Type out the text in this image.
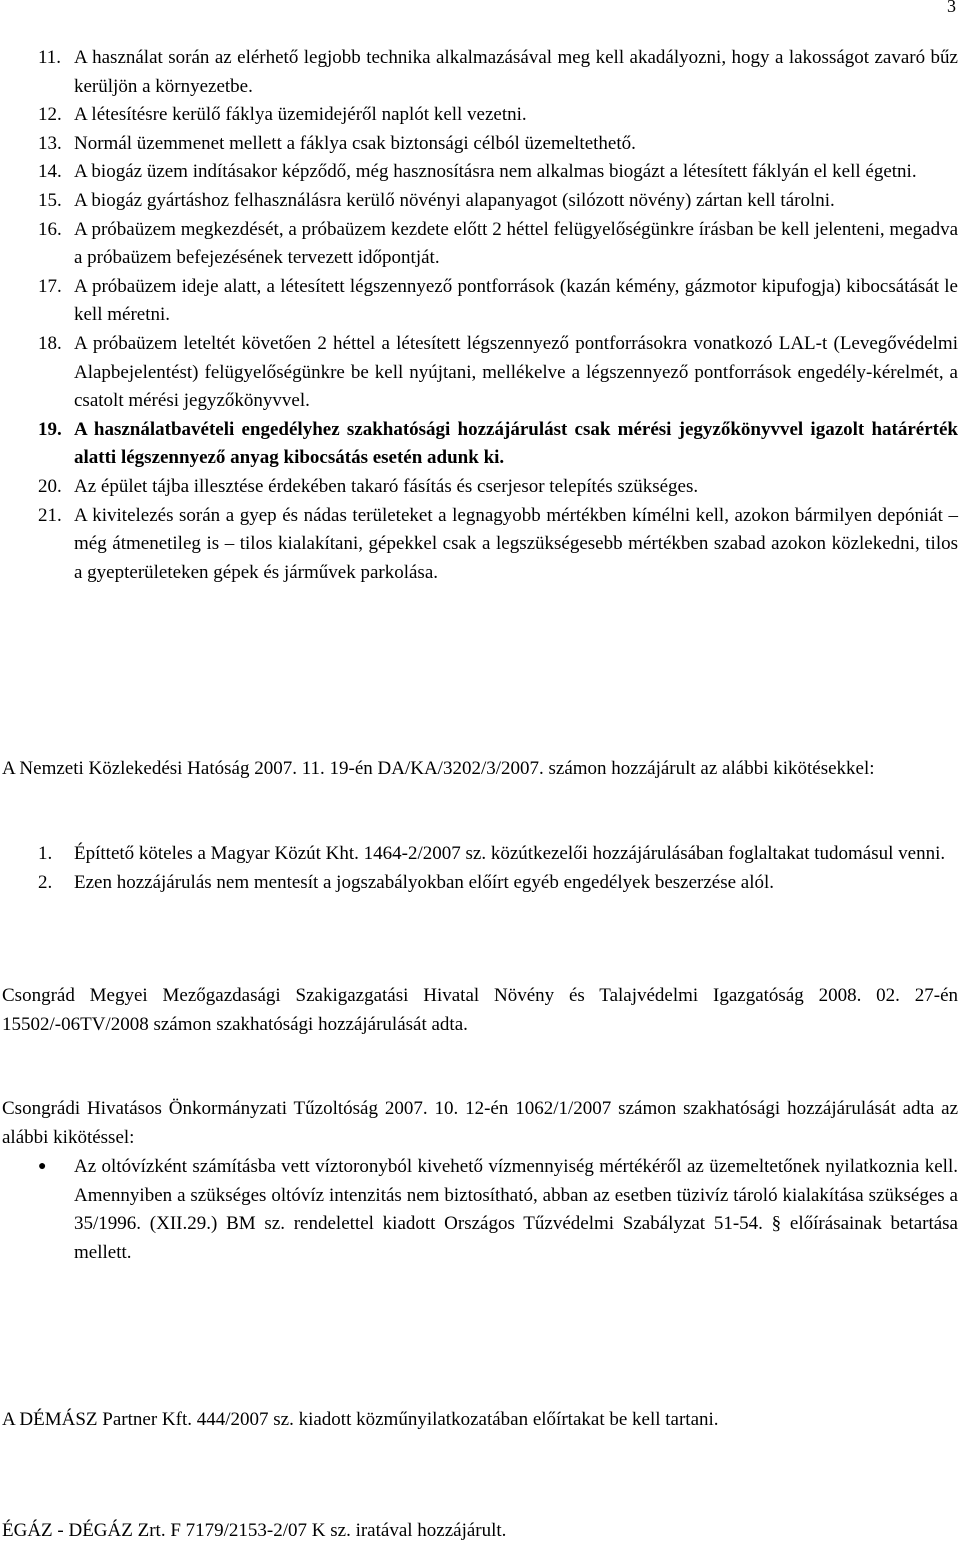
3
11. A használat során az elérhető legjobb technika alkalmazásával meg kell akadályozni, hogy a lakosságot zavaró bűz kerüljön a környezetbe.
12. A létesítésre kerülő fáklya üzemidejéről naplót kell vezetni.
13. Normál üzemmenet mellett a fáklya csak biztonsági célból üzemeltethető.
14. A biogáz üzem indításakor képződő, még hasznosításra nem alkalmas biogázt a létesített fáklyán el kell égetni.
15. A biogáz gyártáshoz felhasználásra kerülő növényi alapanyagot (silózott növény) zártan kell tárolni.
16. A próbaüzem megkezdését, a próbaüzem kezdete előtt 2 héttel felügyelőségünkre írásban be kell jelenteni, megadva a próbaüzem befejezésének tervezett időpontját.
17. A próbaüzem ideje alatt, a létesített légszennyező pontforrások (kazán kémény, gázmotor kipufogja) kibocsátását le kell méretni.
18. A próbaüzem leteltét követően 2 héttel a létesített légszennyező pontforrásokra vonatkozó LAL-t (Levegővédelmi Alapbejelentést) felügyelőségünkre be kell nyújtani, mellékelve a légszennyező pontforrások engedély-kérelmét, a csatolt mérési jegyzőkönyvvel.
19. A használatbavételi engedélyhez szakhatósági hozzájárulást csak mérési jegyzőkönyvvel igazolt határérték alatti légszennyező anyag kibocsátás esetén adunk ki.
20. Az épület tájba illesztése érdekében takaró fásítás és cserjesor telepítés szükséges.
21. A kivitelezés során a gyep és nádas területeket a legnagyobb mértékben kímélni kell, azokon bármilyen depóniát – még átmenetileg is – tilos kialakítani, gépekkel csak a legszükségesebb mértékben szabad azokon közlekedni, tilos a gyepterületeken gépek és járművek parkolása.
A Nemzeti Közlekedési Hatóság 2007. 11. 19-én DA/KA/3202/3/2007. számon hozzájárult az alábbi kikötésekkel:
1.	Építtető köteles a Magyar Közút Kht. 1464-2/2007 sz. közútkezelői hozzájárulásában foglaltakat tudomásul venni.
2.	Ezen hozzájárulás nem mentesít a jogszabályokban előírt egyéb engedélyek beszerzése alól.
Csongrád Megyei Mezőgazdasági Szakigazgatási Hivatal Növény és Talajvédelmi Igazgatóság 2008. 02. 27-én 15502/-06TV/2008 számon szakhatósági hozzájárulását adta.
Csongrádi Hivatásos Önkormányzati Tűzoltóság 2007. 10. 12-én 1062/1/2007 számon szakhatósági hozzájárulását adta az alábbi kikötéssel:
●	Az oltóvízként számításba vett víztoronyból kivehető vízmennyiség mértékéről az üzemeltetőnek nyilatkoznia kell. Amennyiben a szükséges oltóvíz intenzitás nem biztosítható, abban az esetben tüzivíz tároló kialakítása szükséges a 35/1996. (XII.29.) BM sz. rendelettel kiadott Országos Tűzvédelmi Szabályzat 51-54. § előírásainak betartása mellett.
A DÉMÁSZ Partner Kft. 444/2007 sz. kiadott közműnyilatkozatában előírtakat be kell tartani.
ÉGÁZ - DÉGÁZ Zrt. F 7179/2153-2/07 K sz. iratával hozzájárult.
